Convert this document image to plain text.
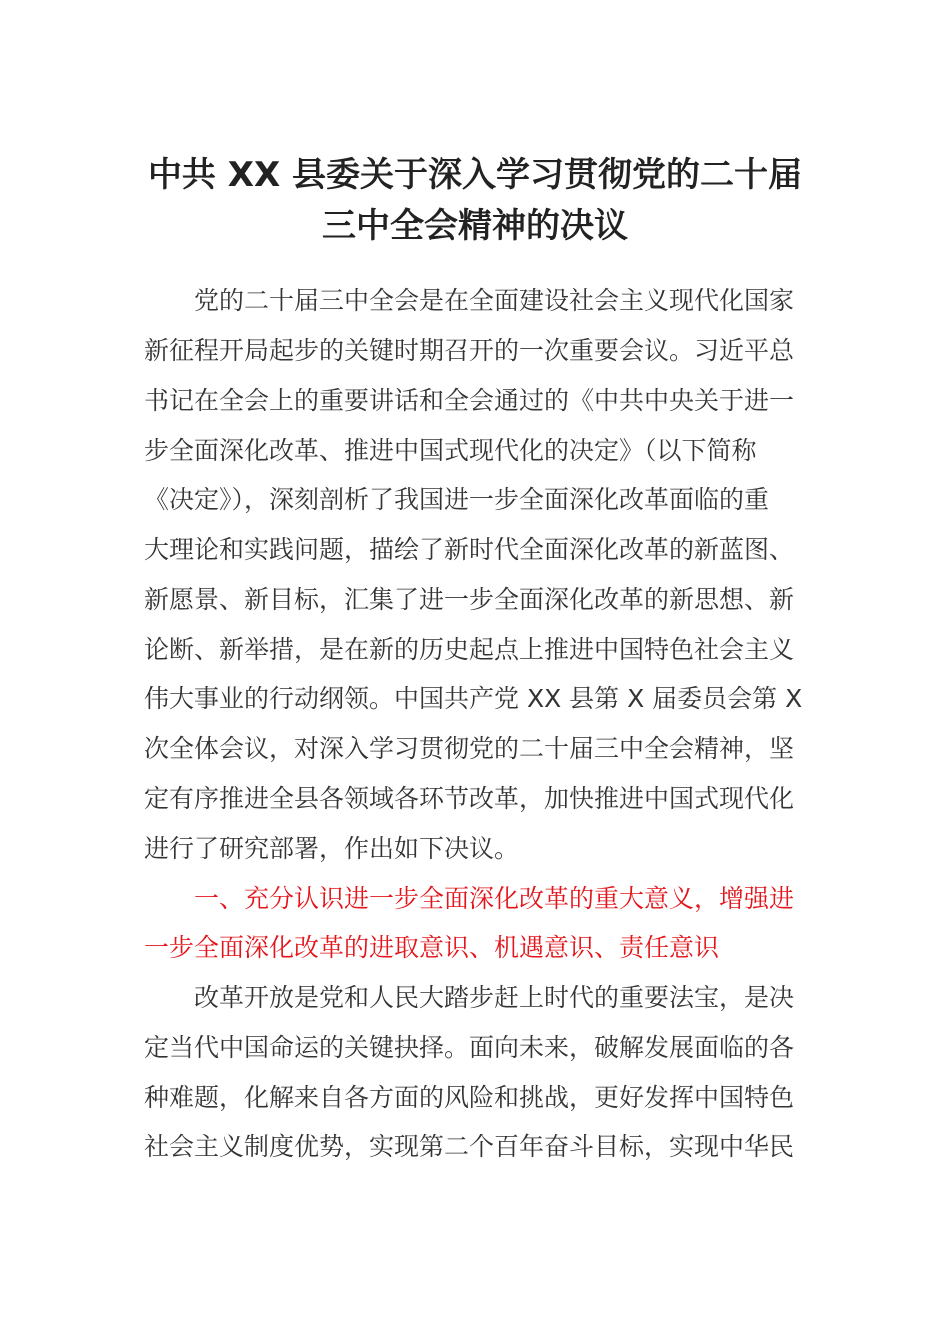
中共 XX 县委关于深入学习贯彻党的二十届
三中全会精神的决议
党的二十届三中全会是在全面建设社会主义现代化国家
新征程开局起步的关键时期召开的一次重要会议。习近平总
书记在全会上的重要讲话和全会通过的《中共中央关于进一
步全面深化改革、推进中国式现代化的决定》（以下简称
《决定》），深刻剖析了我国进一步全面深化改革面临的重
大理论和实践问题，描绘了新时代全面深化改革的新蓝图、
新愿景、新目标，汇集了进一步全面深化改革的新思想、新
论断、新举措，是在新的历史起点上推进中国特色社会主义
伟大事业的行动纲领。中国共产党 XX 县第 X 届委员会第 X
次全体会议，对深入学习贯彻党的二十届三中全会精神，坚
定有序推进全县各领域各环节改革，加快推进中国式现代化
进行了研究部署，作出如下决议。
一、充分认识进一步全面深化改革的重大意义，增强进
一步全面深化改革的进取意识、机遇意识、责任意识
改革开放是党和人民大踏步赶上时代的重要法宝，是决
定当代中国命运的关键抉择。面向未来，破解发展面临的各
种难题，化解来自各方面的风险和挑战，更好发挥中国特色
社会主义制度优势，实现第二个百年奋斗目标，实现中华民
